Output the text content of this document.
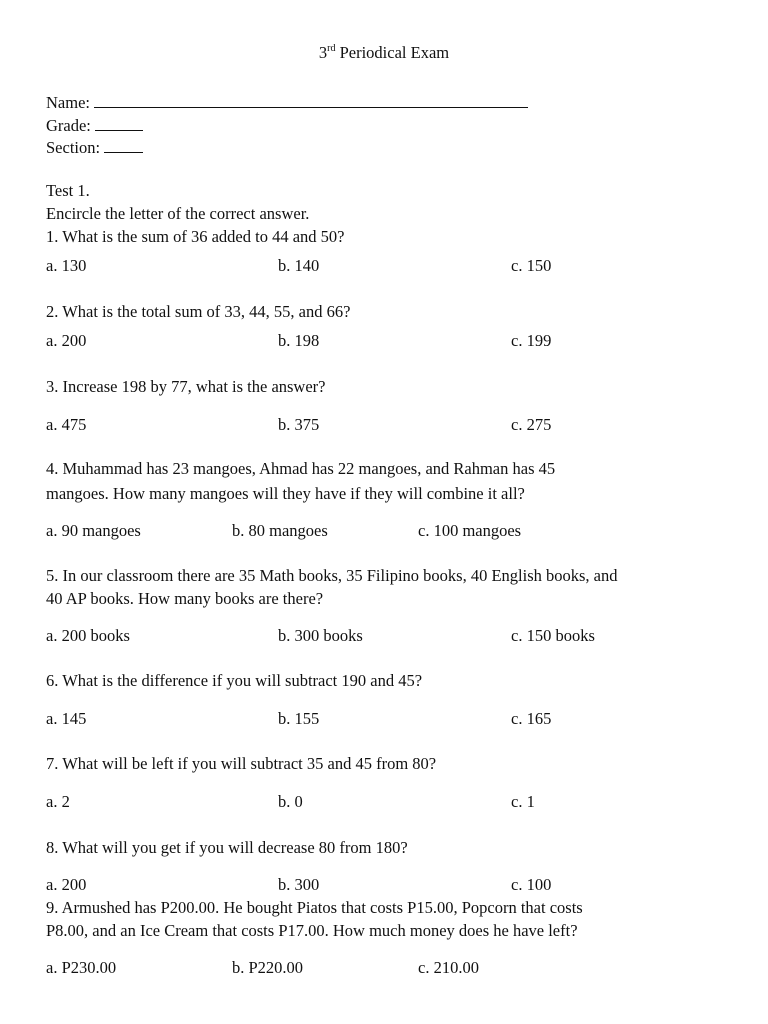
3rd Periodical Exam
Name:
Grade:
Section:
Test 1.
Encircle the letter of the correct answer.
1. What is the sum of 36 added to 44 and 50?
a. 130	b. 140	c. 150
2. What is the total sum of 33, 44, 55, and 66?
a. 200	b. 198	c. 199
3. Increase 198 by 77, what is the answer?
a. 475	b. 375	c. 275
4. Muhammad has 23 mangoes, Ahmad has 22 mangoes, and Rahman has 45
mangoes. How many mangoes will they have if they will combine it all?
a. 90 mangoes	b. 80 mangoes	c. 100 mangoes
5. In our classroom there are 35 Math books, 35 Filipino books, 40 English books, and
40 AP books. How many books are there?
a. 200 books	b. 300 books	c. 150 books
6. What is the difference if you will subtract 190 and 45?
a. 145	b. 155	c. 165
7. What will be left if you will subtract 35 and 45 from 80?
a. 2	b. 0	c. 1
8. What will you get if you will decrease 80 from 180?
a. 200	b. 300	c. 100
9. Armushed has P200.00. He bought Piatos that costs P15.00, Popcorn that costs
P8.00, and an Ice Cream that costs P17.00. How much money does he have left?
a. P230.00	b. P220.00	c. 210.00
